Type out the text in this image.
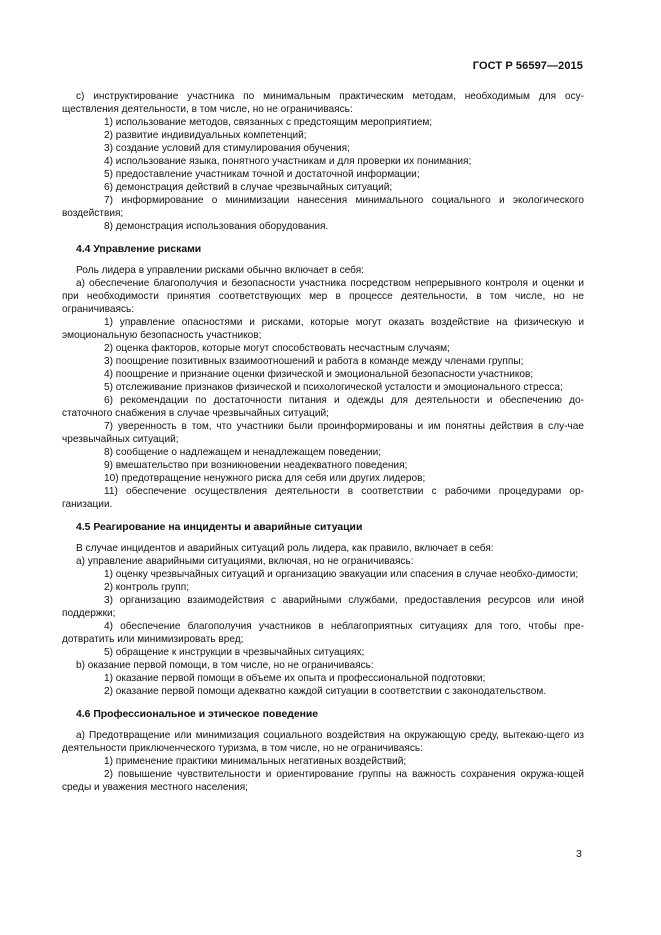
ГОСТ Р 56597—2015
c) инструктирование участника по минимальным практическим методам, необходимым для осу-ществления деятельности, в том числе, но не ограничиваясь:
1) использование методов, связанных с предстоящим мероприятием;
2) развитие индивидуальных компетенций;
3) создание условий для стимулирования обучения;
4) использование языка, понятного участникам и для проверки их понимания;
5) предоставление участникам точной и достаточной информации;
6) демонстрация действий в случае чрезвычайных ситуаций;
7) информирование о минимизации нанесения минимального социального и экологического воздействия;
8) демонстрация использования оборудования.
4.4 Управление рисками
Роль лидера в управлении рисками обычно включает в себя:
a) обеспечение благополучия и безопасности участника посредством непрерывного контроля и оценки и при необходимости принятия соответствующих мер в процессе деятельности, в том числе, но не ограничиваясь:
1) управление опасностями и рисками, которые могут оказать воздействие на физическую и эмоциональную безопасность участников;
2) оценка факторов, которые могут способствовать несчастным случаям;
3) поощрение позитивных взаимоотношений и работа в команде между членами группы;
4) поощрение и признание оценки физической и эмоциональной безопасности участников;
5) отслеживание признаков физической и психологической усталости и эмоционального стресса;
6) рекомендации по достаточности питания и одежды для деятельности и обеспечению до-статочного снабжения в случае чрезвычайных ситуаций;
7) уверенность в том, что участники были проинформированы и им понятны действия в слу-чае чрезвычайных ситуаций;
8) сообщение о надлежащем и ненадлежащем поведении;
9) вмешательство при возникновении неадекватного поведения;
10) предотвращение ненужного риска для себя или других лидеров;
11) обеспечение осуществления деятельности в соответствии с рабочими процедурами ор-ганизации.
4.5 Реагирование на инциденты и аварийные ситуации
В случае инцидентов и аварийных ситуаций роль лидера, как правило, включает в себя:
a) управление аварийными ситуациями, включая, но не ограничиваясь:
1) оценку чрезвычайных ситуаций и организацию эвакуации или спасения в случае необхо-димости;
2) контроль групп;
3) организацию взаимодействия с аварийными службами, предоставления ресурсов или иной поддержки;
4) обеспечение благополучия участников в неблагоприятных ситуациях для того, чтобы пре-дотвратить или минимизировать вред;
5) обращение к инструкции в чрезвычайных ситуациях;
b) оказание первой помощи, в том числе, но не ограничиваясь:
1) оказание первой помощи в объеме их опыта и профессиональной подготовки;
2) оказание первой помощи адекватно каждой ситуации в соответствии с законодательством.
4.6 Профессиональное и этическое поведение
a) Предотвращение или минимизация социального воздействия на окружающую среду, вытекаю-щего из деятельности приключенческого туризма, в том числе, но не ограничиваясь:
1) применение практики минимальных негативных воздействий;
2) повышение чувствительности и ориентирование группы на важность сохранения окружа-ющей среды и уважения местного населения;
3
